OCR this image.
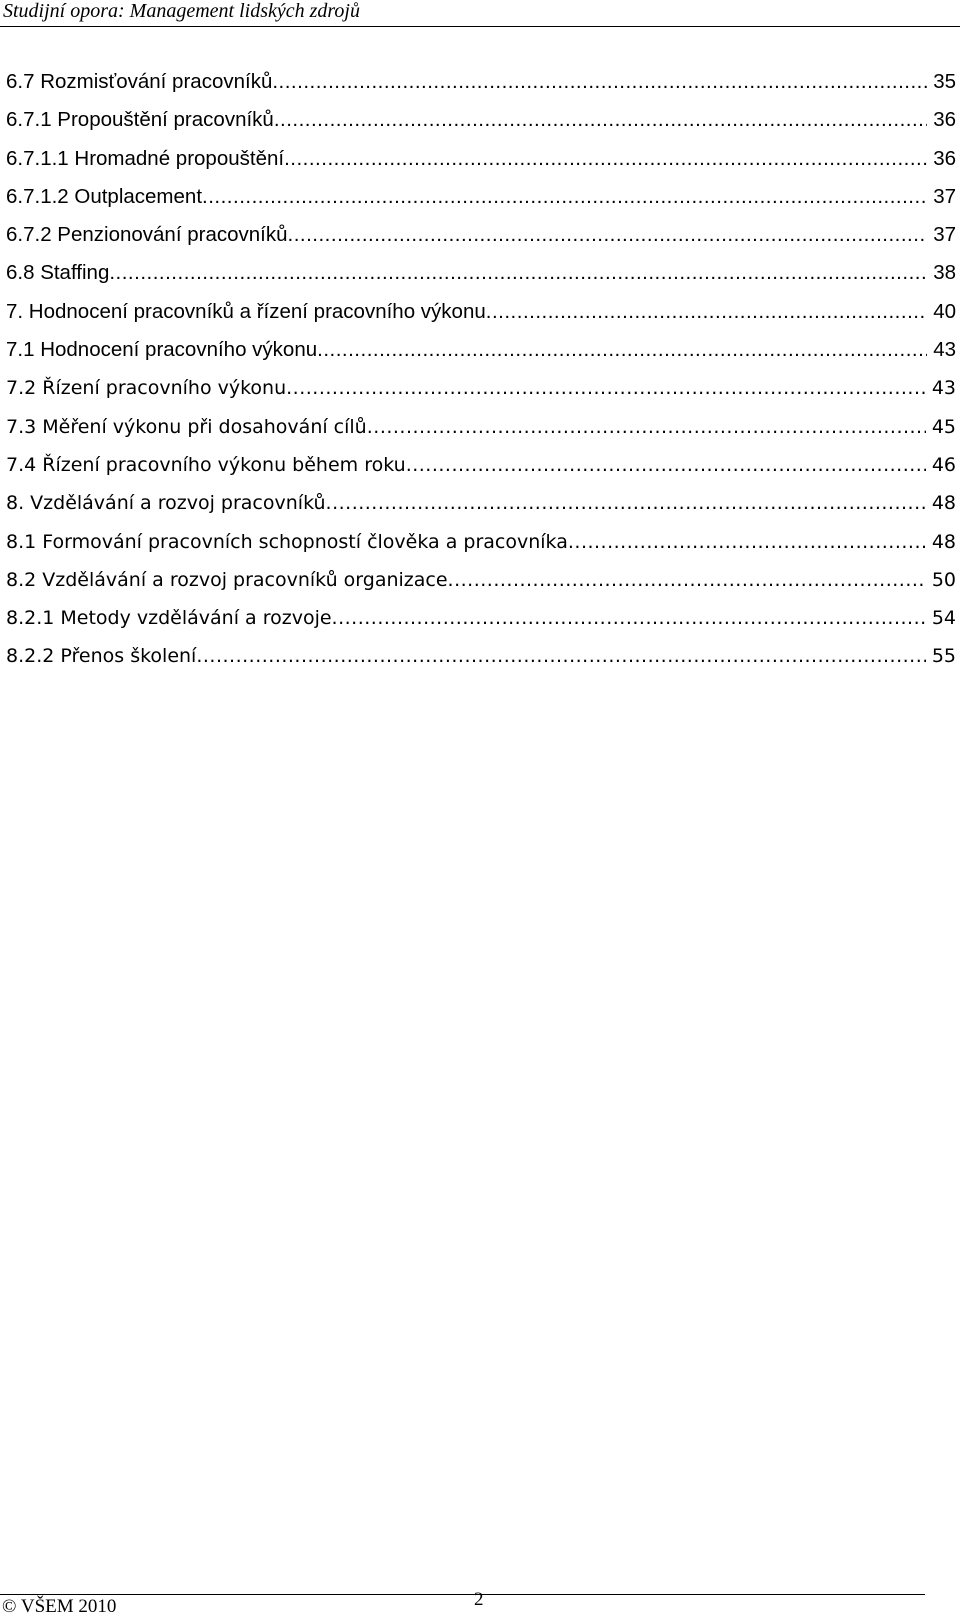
Studijní opora: Management lidských zdrojů
6.7 Rozmisťování pracovníků .....	35
6.7.1 Propouštění pracovníků .....	36
6.7.1.1 Hromadné propouštění .....	36
6.7.1.2 Outplacement .....	37
6.7.2 Penzionování pracovníků .....	37
6.8 Staffing .....	38
7. Hodnocení pracovníků a řízení pracovního výkonu .....	40
7.1 Hodnocení pracovního výkonu .....	43
7.2 Řízení pracovního výkonu .....	43
7.3 Měření výkonu při dosahování cílů .....	45
7.4 Řízení pracovního výkonu během roku .....	46
8. Vzdělávání a rozvoj pracovníků .....	48
8.1 Formování pracovních schopností člověka a pracovníka .....	48
8.2 Vzdělávání a rozvoj pracovníků organizace .....	50
8.2.1 Metody vzdělávání a rozvoje .....	54
8.2.2 Přenos školení .....	55
© VŠEM 2010	2
